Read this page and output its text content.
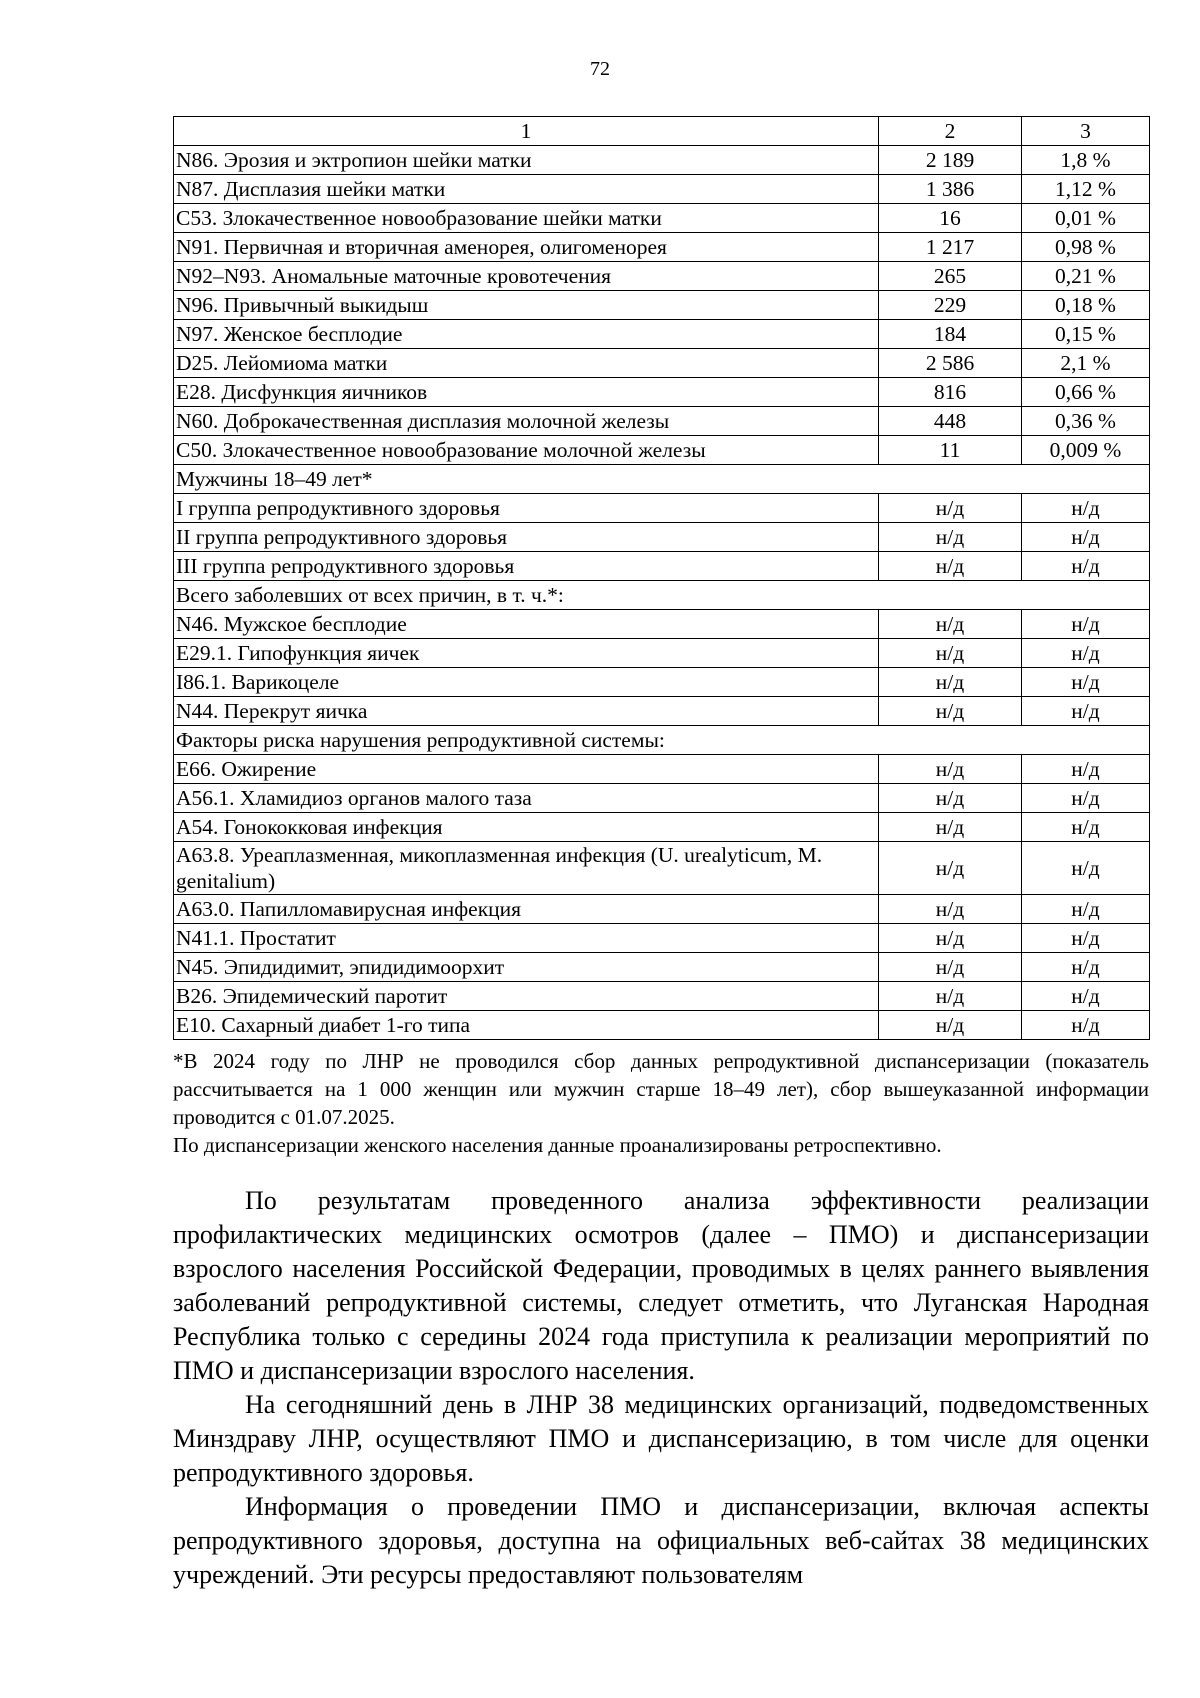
72
1	2	3
N86. Эрозия и эктропион шейки матки	2 189	1,8 %
N87. Дисплазия шейки матки	1 386	1,12 %
C53. Злокачественное новообразование шейки матки	16	0,01 %
N91. Первичная и вторичная аменорея, олигоменорея	1 217	0,98 %
N92–N93. Аномальные маточные кровотечения	265	0,21 %
N96. Привычный выкидыш	229	0,18 %
N97. Женское бесплодие	184	0,15 %
D25. Лейомиома матки	2 586	2,1 %
E28. Дисфункция яичников	816	0,66 %
N60. Доброкачественная дисплазия молочной железы	448	0,36 %
C50. Злокачественное новообразование молочной железы	11	0,009 %
Мужчины 18–49 лет*		
I группа репродуктивного здоровья	н/д	н/д
II группа репродуктивного здоровья	н/д	н/д
III группа репродуктивного здоровья	н/д	н/д
Всего заболевших от всех причин, в т. ч.*:		
N46. Мужское бесплодие	н/д	н/д
E29.1. Гипофункция яичек	н/д	н/д
I86.1. Варикоцеле	н/д	н/д
N44. Перекрут яичка	н/д	н/д
Факторы риска нарушения репродуктивной системы:		
E66. Ожирение	н/д	н/д
A56.1. Хламидиоз органов малого таза	н/д	н/д
A54. Гонококковая инфекция	н/д	н/д
A63.8. Уреаплазменная, микоплазменная инфекция (U. urealyticum, M. genitalium)	н/д	н/д
A63.0. Папилломавирусная инфекция	н/д	н/д
N41.1. Простатит	н/д	н/д
N45. Эпидидимит, эпидидимоорхит	н/д	н/д
B26. Эпидемический паротит	н/д	н/д
E10. Сахарный диабет 1-го типа	н/д	н/д

*В 2024 году по ЛНР не проводился сбор данных репродуктивной диспансеризации (показатель рассчитывается на 1 000 женщин или мужчин старше 18–49 лет), сбор вышеуказанной информации проводится с 01.07.2025.

По диспансеризации женского населения данные проанализированы ретроспективно.

По результатам проведенного анализа эффективности реализации профилактических медицинских осмотров (далее – ПМО) и диспансеризации взрослого населения Российской Федерации, проводимых в целях раннего выявления заболеваний репродуктивной системы, следует отметить, что Луганская Народная Республика только с середины 2024 года приступила к реализации мероприятий по ПМО и диспансеризации взрослого населения.

На сегодняшний день в ЛНР 38 медицинских организаций, подведомственных Минздраву ЛНР, осуществляют ПМО и диспансеризацию, в том числе для оценки репродуктивного здоровья.

Информация о проведении ПМО и диспансеризации, включая аспекты репродуктивного здоровья, доступна на официальных веб-сайтах 38 медицинских учреждений. Эти ресурсы предоставляют пользователям
